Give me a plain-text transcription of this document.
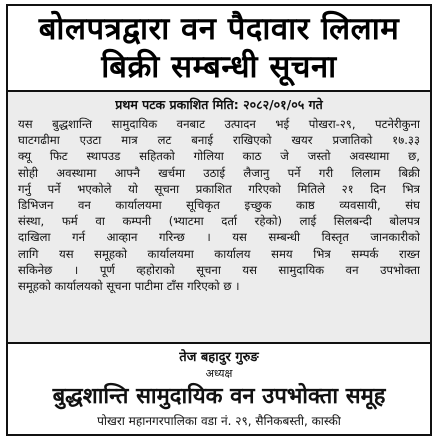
बोलपत्रद्वारा वन पैदावार लिलाम
बिक्री सम्बन्धी सूचना
प्रथम पटक प्रकाशित मिति: २०८२/०१/०५ गते
यस बुद्धशान्ति सामुदायिक वनबाट उत्पादन भई पोखरा-२९, पटनेरीकुना
घाटगढीमा एउटा मात्र लट बनाई राखिएको खयर प्रजातिको १७.३३
क्यू फिट स्थापउड सहितको गोलिया काठ जे जस्तो अवस्थामा छ,
सोही अवस्थामा आफ्नै खर्चमा उठाई लैजानु पर्ने गरी लिलाम बिक्री
गर्नु पर्ने भएकोले यो सूचना प्रकाशित गरिएको मितिले २१ दिन भित्र
डिभिजन वन कार्यालयमा सूचिकृत इच्छुक काष्ठ व्यवसायी, संघ
संस्था, फर्म वा कम्पनी (भ्याटमा दर्ता रहेको) लाई सिलबन्दी बोलपत्र
दाखिला गर्न आव्हान गरिन्छ । यस सम्बन्धी विस्तृत जानकारीको
लागि यस समूहको कार्यालयमा कार्यालय समय भित्र सम्पर्क राख्न
सकिनेछ । पूर्ण व्हहोराको सूचना यस सामुदायिक वन उपभोक्ता
समूहको कार्यालयको सूचना पाटीमा टाँस गरिएको छ ।
तेज बहादुर गुरुङ
अध्यक्ष
बुद्धशान्ति सामुदायिक वन उपभोक्ता समूह
पोखरा महानगरपालिका वडा नं. २९, सैनिकबस्ती, कास्की
